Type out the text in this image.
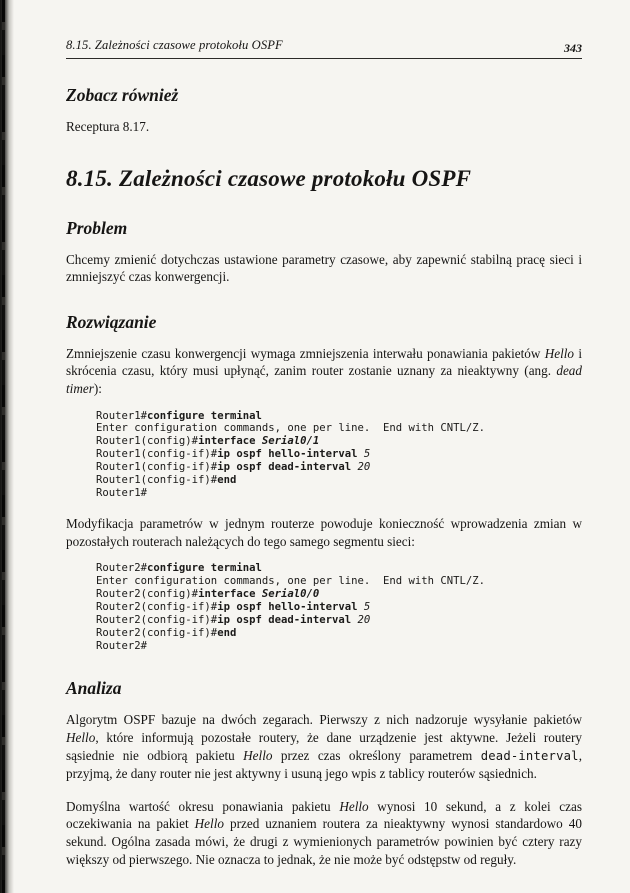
8.15. Zależności czasowe protokołu OSPF	343
Zobacz również

Receptura 8.17.

8.15. Zależności czasowe protokołu OSPF
Problem

Chcemy zmienić dotychczas ustawione parametry czasowe, aby zapewnić stabilną pracę sieci i zmniejszyć czas konwergencji.

Rozwiązanie

Zmniejszenie czasu konwergencji wymaga zmniejszenia interwału ponawiania pakietów Hello i skrócenia czasu, który musi upłynąć, zanim router zostanie uznany za nieaktywny (ang. dead timer):

Router1#configure terminal
Enter configuration commands, one per line.  End with CNTL/Z.
Router1(config)#interface Serial0/1
Router1(config-if)#ip ospf hello-interval 5
Router1(config-if)#ip ospf dead-interval 20
Router1(config-if)#end
Router1#

Modyfikacja parametrów w jednym routerze powoduje konieczność wprowadzenia zmian w pozostałych routerach należących do tego samego segmentu sieci:

Router2#configure terminal
Enter configuration commands, one per line.  End with CNTL/Z.
Router2(config)#interface Serial0/0
Router2(config-if)#ip ospf hello-interval 5
Router2(config-if)#ip ospf dead-interval 20
Router2(config-if)#end
Router2#
Analiza

Algorytm OSPF bazuje na dwóch zegarach. Pierwszy z nich nadzoruje wysyłanie pakietów Hello, które informują pozostałe routery, że dane urządzenie jest aktywne. Jeżeli routery sąsiednie nie odbiorą pakietu Hello przez czas określony parametrem dead-interval, przyjmą, że dany router nie jest aktywny i usuną jego wpis z tablicy routerów sąsiednich.

Domyślna wartość okresu ponawiania pakietu Hello wynosi 10 sekund, a z kolei czas oczekiwania na pakiet Hello przed uznaniem routera za nieaktywny wynosi standardowo 40 sekund. Ogólna zasada mówi, że drugi z wymienionych parametrów powinien być cztery razy większy od pierwszego. Nie oznacza to jednak, że nie może być odstępstw od reguły.
